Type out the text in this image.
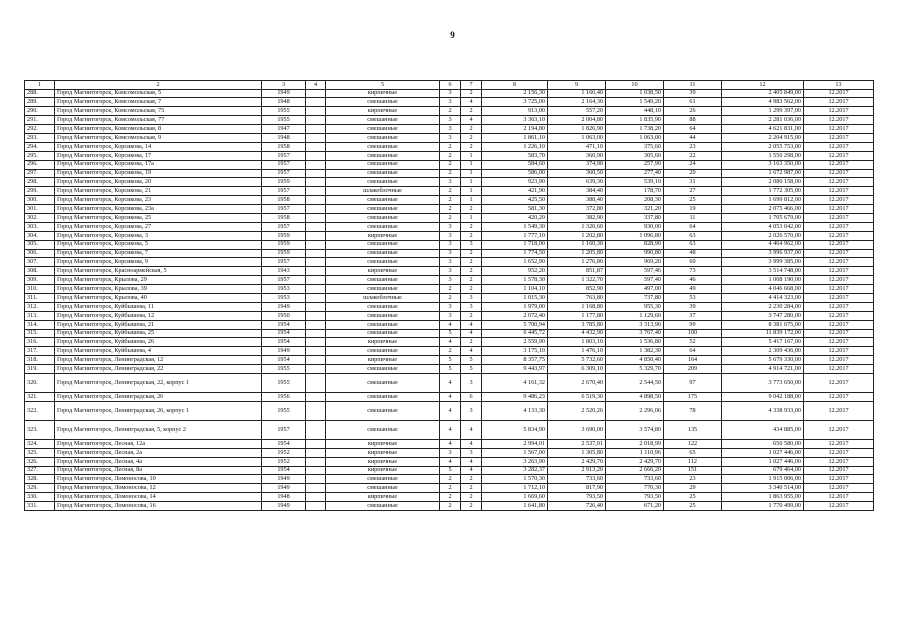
9
1	2	3	4	5	6	7	8	9	10	11	12	13
288.	Город Магнитогорск, Комсомольская, 5	1949		кирпичные	3	2	2 156,30	1 166,40	1 038,50	39	2 405 849,00	12.2017
289.	Город Магнитогорск, Комсомольская, 7	1948		смешанные	3	4	3 725,00	2 164,30	1 549,20	61	4 983 562,00	12.2017
290.	Город Магнитогорск, Комсомольская, 75	1955		кирпичные	2	2	913,00	557,20	448,10	26	1 299 397,00	12.2017
291.	Город Магнитогорск, Комсомольская, 77	1955		смешанные	3	4	3 363,10	2 004,80	1 835,90	88	2 281 036,00	12.2017
292.	Город Магнитогорск, Комсомольская, 8	1947		смешанные	3	2	2 194,80	1 826,90	1 738,20	64	4 621 831,00	12.2017
293.	Город Магнитогорск, Комсомольская, 9	1948		смешанные	3	2	1 861,10	1 063,00	1 063,00	44	2 204 915,00	12.2017
294.	Город Магнитогорск, Корсикова, 14	1958		смешанные	2	2	1 226,10	471,10	375,60	23	2 055 753,00	12.2017
295.	Город Магнитогорск, Корсикова, 17	1957		смешанные	2	1	583,70	360,90	305,60	22	1 550 298,00	12.2017
296.	Город Магнитогорск, Корсикова, 17а	1957		смешанные	2	1	584,60	374,90	257,90	24	3 163 350,00	12.2017
297.	Город Магнитогорск, Корсикова, 19	1957		смешанные	2	1	586,00	360,50	277,40	20	1 672 987,00	12.2017
298.	Город Магнитогорск, Корсикова, 20	1959		смешанные	3	1	923,90	639,30	539,10	31	2 080 158,00	12.2017
299.	Город Магнитогорск, Корсикова, 21	1957		шлакоблочные	2	1	421,90	384,40	178,70	27	1 772 305,00	12.2017
300.	Город Магнитогорск, Корсикова, 23	1958		смешанные	2	1	425,50	388,40	208,30	25	1 699 812,00	12.2017
301.	Город Магнитогорск, Корсикова, 23а	1957		смешанные	2	2	581,30	372,80	321,20	19	2 075 466,00	12.2017
302.	Город Магнитогорск, Корсикова, 25	1958		смешанные	2	1	420,20	382,90	337,80	11	1 705 679,00	12.2017
303.	Город Магнитогорск, Корсикова, 27	1957		смешанные	3	2	1 549,30	1 320,60	930,00	64	4 053 042,00	12.2017
304.	Город Магнитогорск, Корсикова, 3	1959		кирпичные	3	2	1 777,10	1 202,80	1 096,80	63	2 026 570,00	12.2017
305.	Город Магнитогорск, Корсикова, 5	1959		смешанные	3	3	1 718,00	1 160,30	828,90	63	4 464 962,00	12.2017
306.	Город Магнитогорск, Корсикова, 7	1959		смешанные	3	2	1 774,50	1 205,80	990,80	48	3 996 937,00	12.2017
307.	Город Магнитогорск, Корсикова, 9	1957		смешанные	3	2	1 652,90	1 276,80	969,20	60	3 999 385,00	12.2017
308.	Город Магнитогорск, Красноармейская, 5	1943		кирпичные	3	2	952,20	851,87	597,46	73	3 514 748,00	12.2017
309.	Город Магнитогорск, Крылова, 29	1957		смешанные	3	2	1 578,30	1 322,70	597,40	46	1 008 190,00	12.2017
310.	Город Магнитогорск, Крылова, 39	1953		смешанные	2	2	1 104,10	852,90	497,00	49	4 046 668,00	12.2017
311.	Город Магнитогорск, Крылова, 40	1953		шлакоблочные	2	3	1 015,30	763,80	737,80	53	4 414 323,00	12.2017
312.	Город Магнитогорск, Куйбышева, 11	1949		смешанные	3	3	1 979,00	1 168,80	955,30	39	2 230 284,00	12.2017
313.	Город Магнитогорск, Куйбышева, 12	1950		смешанные	3	2	2 072,40	1 177,80	1 129,60	37	3 747 280,00	12.2017
314.	Город Магнитогорск, Куйбышева, 21	1954		смешанные	4	4	5 700,94	3 785,80	3 313,90	99	8 381 075,00	12.2017
315.	Город Магнитогорск, Куйбышева, 25	1954		смешанные	5	4	6 445,72	4 432,90	3 767,40	100	11 839 172,00	12.2017
316.	Город Магнитогорск, Куйбышева, 26	1954		кирпичные	4	2	2 559,90	1 803,10	1 536,80	52	5 417 167,00	12.2017
317.	Город Магнитогорск, Куйбышева, 4	1949		смешанные	2	4	3 175,10	1 476,10	1 382,30	64	2 309 436,00	12.2017
318.	Город Магнитогорск, Ленинградская, 12	1954		кирпичные	5	5	8 357,75	5 732,60	4 850,40	164	5 679 330,00	12.2017
319.	Город Магнитогорск, Ленинградская, 22	1955		смешанные	5	5	9 443,97	6 309,10	5 329,70	209	4 914 721,00	12.2017
320.	Город Магнитогорск, Ленинградская, 22, корпус 1	1955		смешанные	4	3	4 161,32	2 670,40	2 544,50	97	3 773 650,00	12.2017
321.	Город Магнитогорск, Ленинградская, 26	1956		смешанные	4	6	9 486,23	6 519,30	4 898,50	175	9 042 188,00	12.2017
322.	Город Магнитогорск, Ленинградская, 26, корпус 1	1955		смешанные	4	3	4 133,30	2 520,26	2 296,06	78	4 338 933,00	12.2017
323.	Город Магнитогорск, Ленинградская, 5, корпус 2	1957		смешанные	4	4	5 834,90	3 690,00	3 574,80	135	434 885,00	12.2017
324.	Город Магнитогорск, Лесная, 12а	1954		кирпичные	4	4	2 994,01	2 537,01	2 018,99	122	650 580,00	12.2017
325.	Город Магнитогорск, Лесная, 2а	1952		кирпичные	3	3	1 567,00	1 305,80	1 110,96	65	1 027 446,00	12.2017
326.	Город Магнитогорск, Лесная, 4а	1952		кирпичные	4	4	3 263,90	2 429,70	2 429,70	112	1 027 446,00	12.2017
327.	Город Магнитогорск, Лесная, 8а	1954		кирпичные	5	4	3 282,37	2 913,20	2 666,20	151	679 464,00	12.2017
328.	Город Магнитогорск, Ломоносова, 10	1949		смешанные	2	2	1 570,30	733,60	733,60	23	1 915 006,00	12.2017
329.	Город Магнитогорск, Ломоносова, 12	1949		смешанные	2	2	1 712,10	817,90	770,30	29	3 340 514,00	12.2017
330.	Город Магнитогорск, Ломоносова, 14	1948		кирпичные	2	2	1 669,60	793,50	793,50	25	1 863 955,00	12.2017
331.	Город Магнитогорск, Ломоносова, 16	1949		смешанные	2	2	1 641,80	726,40	671,20	25	1 770 499,00	12.2017
